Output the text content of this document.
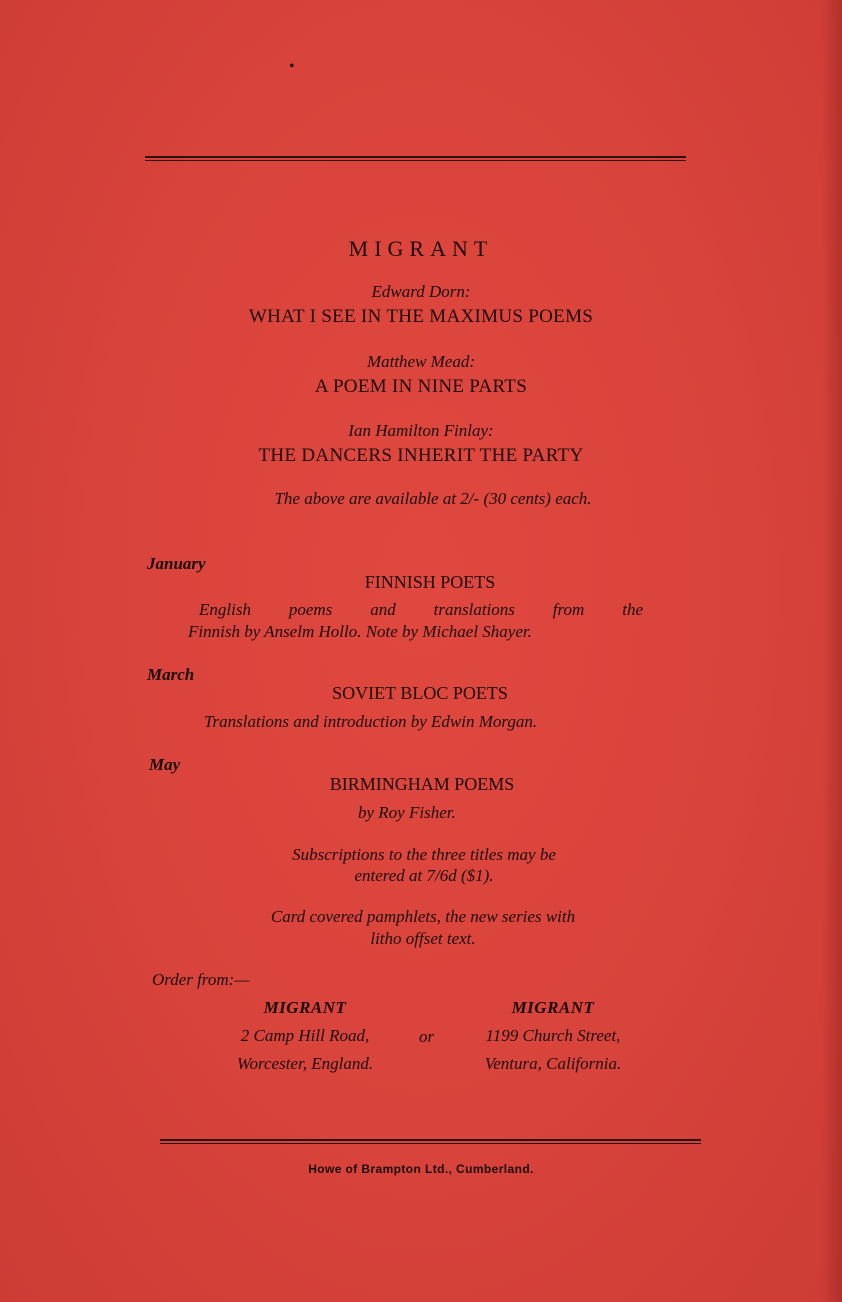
•
MIGRANT
Edward Dorn:
WHAT I SEE IN THE MAXIMUS POEMS
Matthew Mead:
A POEM IN NINE PARTS
Ian Hamilton Finlay:
THE DANCERS INHERIT THE PARTY
The above are available at 2/- (30 cents) each.
January
FINNISH POETS
English poems and translations from the
Finnish by Anselm Hollo. Note by Michael Shayer.
March
SOVIET BLOC POETS
Translations and introduction by Edwin Morgan.
May
BIRMINGHAM POEMS
by Roy Fisher.
Subscriptions to the three titles may be
entered at 7/6d ($1).
Card covered pamphlets, the new series with
litho offset text.
Order from:—
MIGRANT
2 Camp Hill Road,
Worcester, England.
or
MIGRANT
1199 Church Street,
Ventura, California.
Howe of Brampton Ltd., Cumberland.
